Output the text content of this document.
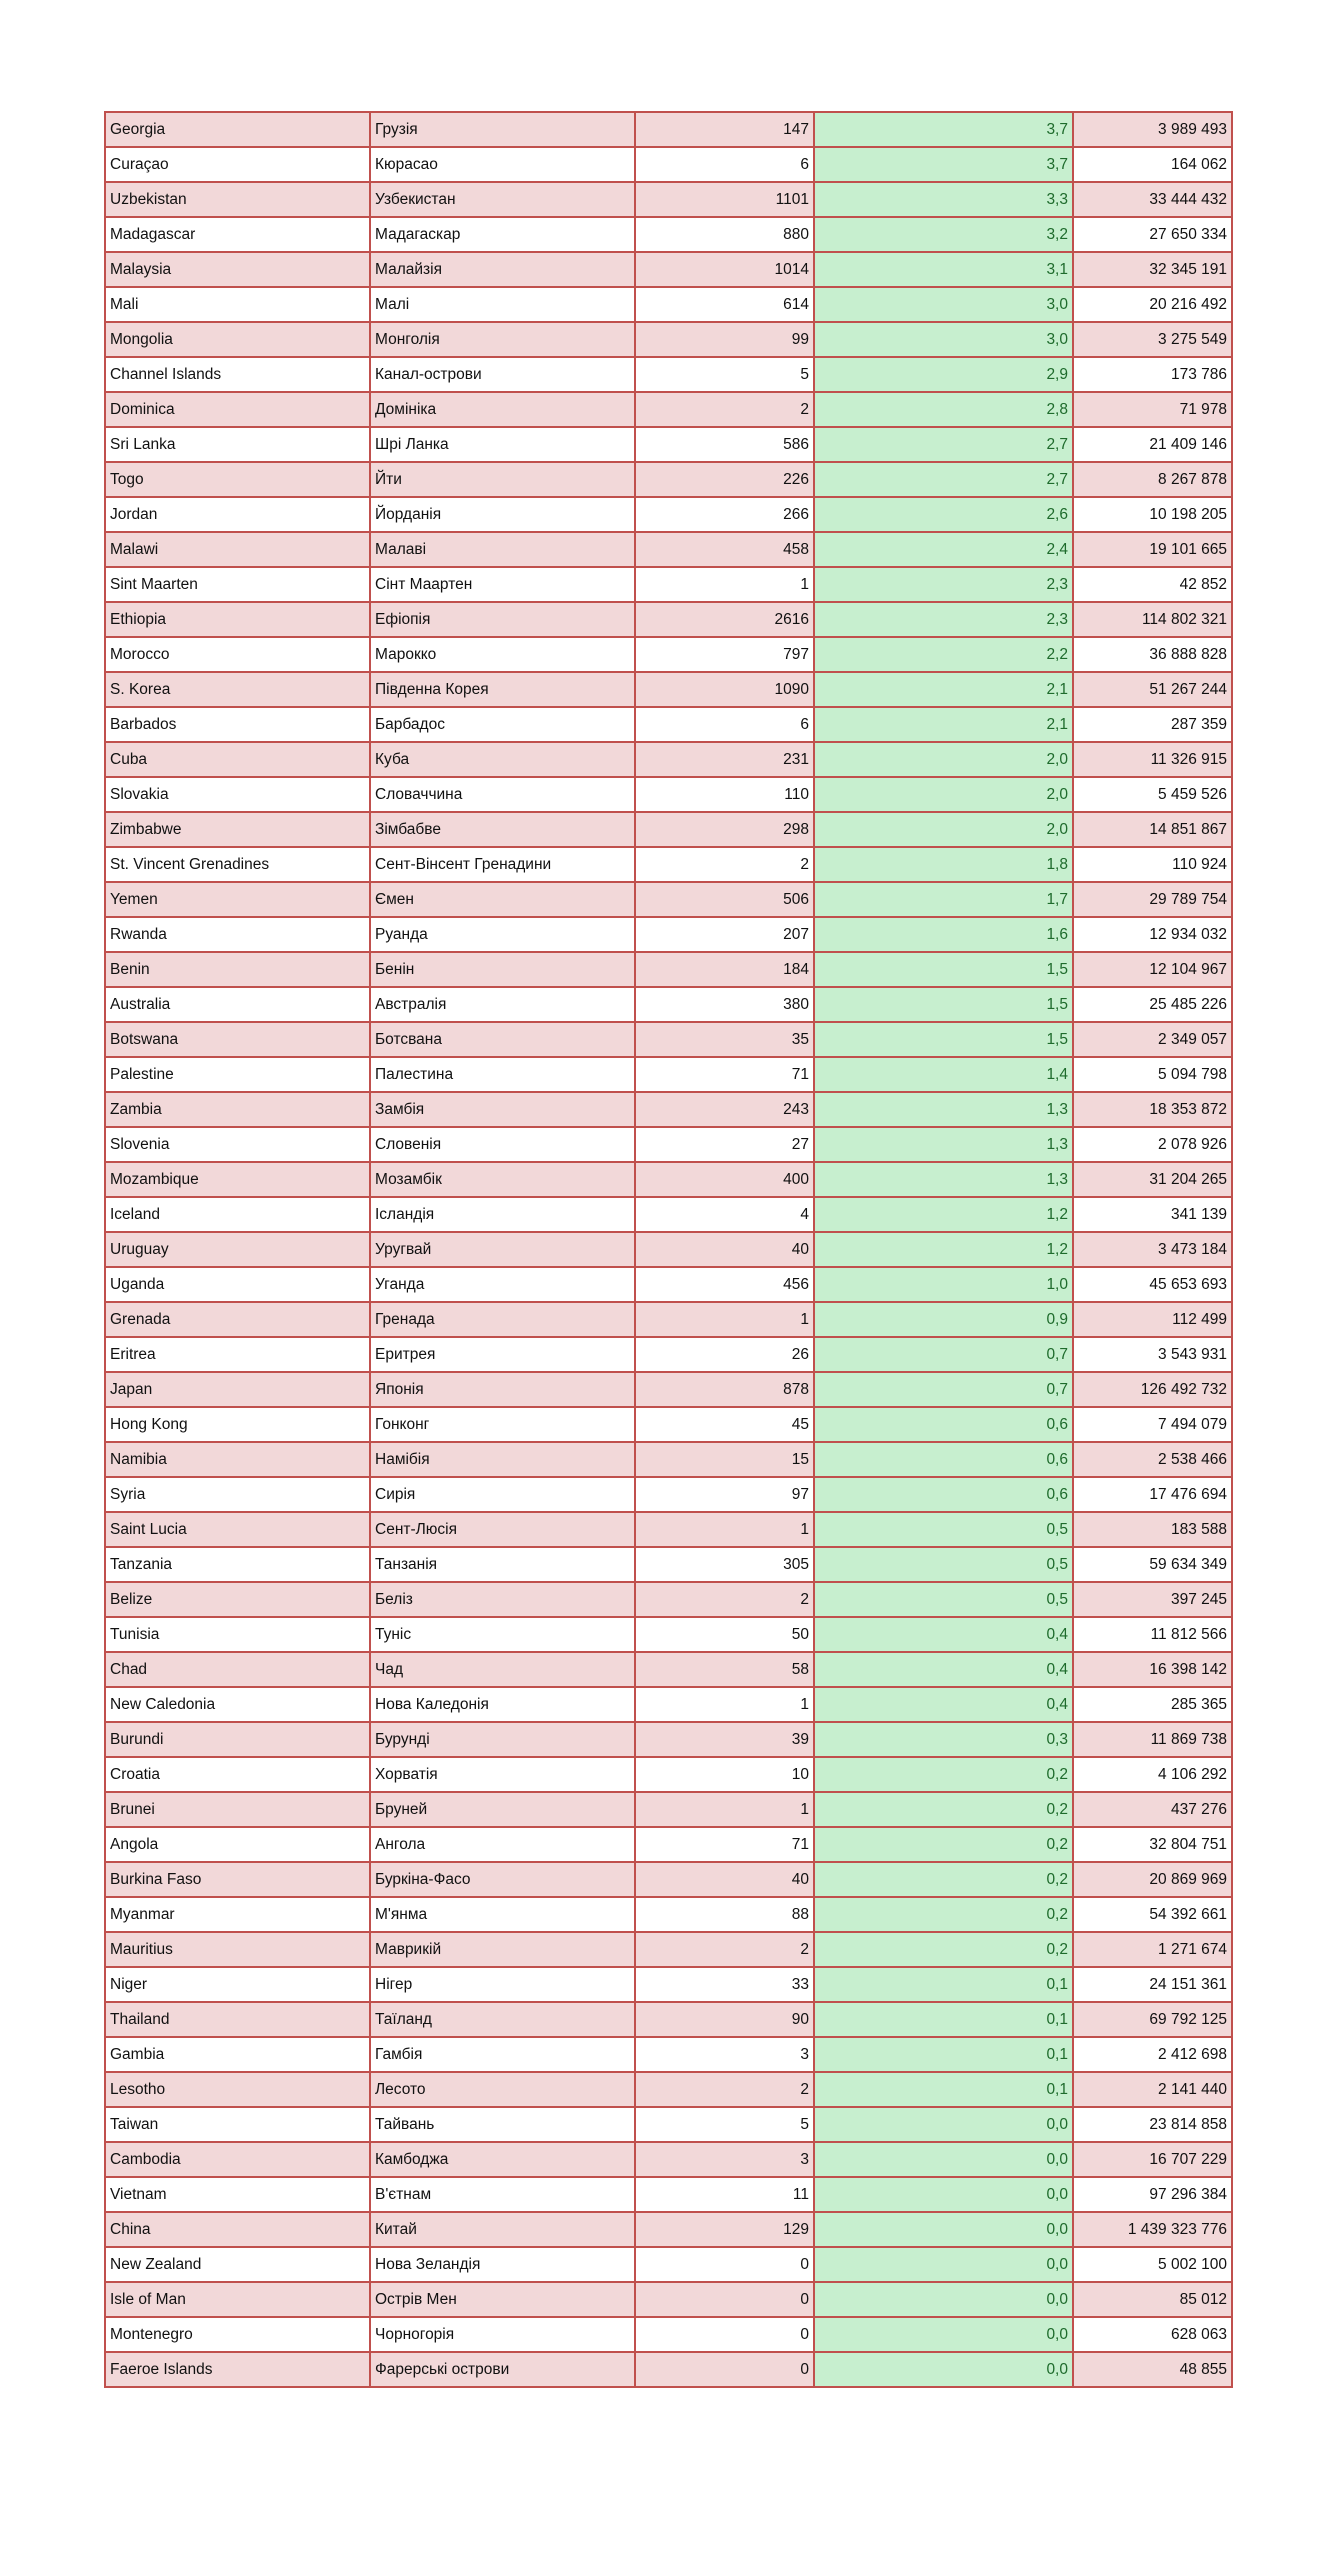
Georgia	Грузія	147	3,7	3 989 493
Curaçao	Кюрасао	6	3,7	164 062
Uzbekistan	Узбекистан	1101	3,3	33 444 432
Madagascar	Мадагаскар	880	3,2	27 650 334
Malaysia	Малайзія	1014	3,1	32 345 191
Mali	Малі	614	3,0	20 216 492
Mongolia	Монголія	99	3,0	3 275 549
Channel Islands	Канал-острови	5	2,9	173 786
Dominica	Домініка	2	2,8	71 978
Sri Lanka	Шрі Ланка	586	2,7	21 409 146
Togo	Йти	226	2,7	8 267 878
Jordan	Йорданія	266	2,6	10 198 205
Malawi	Малаві	458	2,4	19 101 665
Sint Maarten	Сінт Маартен	1	2,3	42 852
Ethiopia	Ефіопія	2616	2,3	114 802 321
Morocco	Марокко	797	2,2	36 888 828
S. Korea	Південна Корея	1090	2,1	51 267 244
Barbados	Барбадос	6	2,1	287 359
Cuba	Куба	231	2,0	11 326 915
Slovakia	Словаччина	110	2,0	5 459 526
Zimbabwe	Зімбабве	298	2,0	14 851 867
St. Vincent Grenadines	Сент-Вінсент Гренадини	2	1,8	110 924
Yemen	Ємен	506	1,7	29 789 754
Rwanda	Руанда	207	1,6	12 934 032
Benin	Бенін	184	1,5	12 104 967
Australia	Австралія	380	1,5	25 485 226
Botswana	Ботсвана	35	1,5	2 349 057
Palestine	Палестина	71	1,4	5 094 798
Zambia	Замбія	243	1,3	18 353 872
Slovenia	Словенія	27	1,3	2 078 926
Mozambique	Мозамбік	400	1,3	31 204 265
Iceland	Ісландія	4	1,2	341 139
Uruguay	Уругвай	40	1,2	3 473 184
Uganda	Уганда	456	1,0	45 653 693
Grenada	Гренада	1	0,9	112 499
Eritrea	Еритрея	26	0,7	3 543 931
Japan	Японія	878	0,7	126 492 732
Hong Kong	Гонконг	45	0,6	7 494 079
Namibia	Намібія	15	0,6	2 538 466
Syria	Сирія	97	0,6	17 476 694
Saint Lucia	Сент-Люсія	1	0,5	183 588
Tanzania	Танзанія	305	0,5	59 634 349
Belize	Беліз	2	0,5	397 245
Tunisia	Туніс	50	0,4	11 812 566
Chad	Чад	58	0,4	16 398 142
New Caledonia	Нова Каледонія	1	0,4	285 365
Burundi	Бурунді	39	0,3	11 869 738
Croatia	Хорватія	10	0,2	4 106 292
Brunei	Бруней	1	0,2	437 276
Angola	Ангола	71	0,2	32 804 751
Burkina Faso	Буркіна-Фасо	40	0,2	20 869 969
Myanmar	М'янма	88	0,2	54 392 661
Mauritius	Маврикій	2	0,2	1 271 674
Niger	Нігер	33	0,1	24 151 361
Thailand	Таїланд	90	0,1	69 792 125
Gambia	Гамбія	3	0,1	2 412 698
Lesotho	Лесото	2	0,1	2 141 440
Taiwan	Тайвань	5	0,0	23 814 858
Cambodia	Камбоджа	3	0,0	16 707 229
Vietnam	В'єтнам	11	0,0	97 296 384
China	Китай	129	0,0	1 439 323 776
New Zealand	Нова Зеландія	0	0,0	5 002 100
Isle of Man	Острів Мен	0	0,0	85 012
Montenegro	Чорногорія	0	0,0	628 063
Faeroe Islands	Фарерські острови	0	0,0	48 855
